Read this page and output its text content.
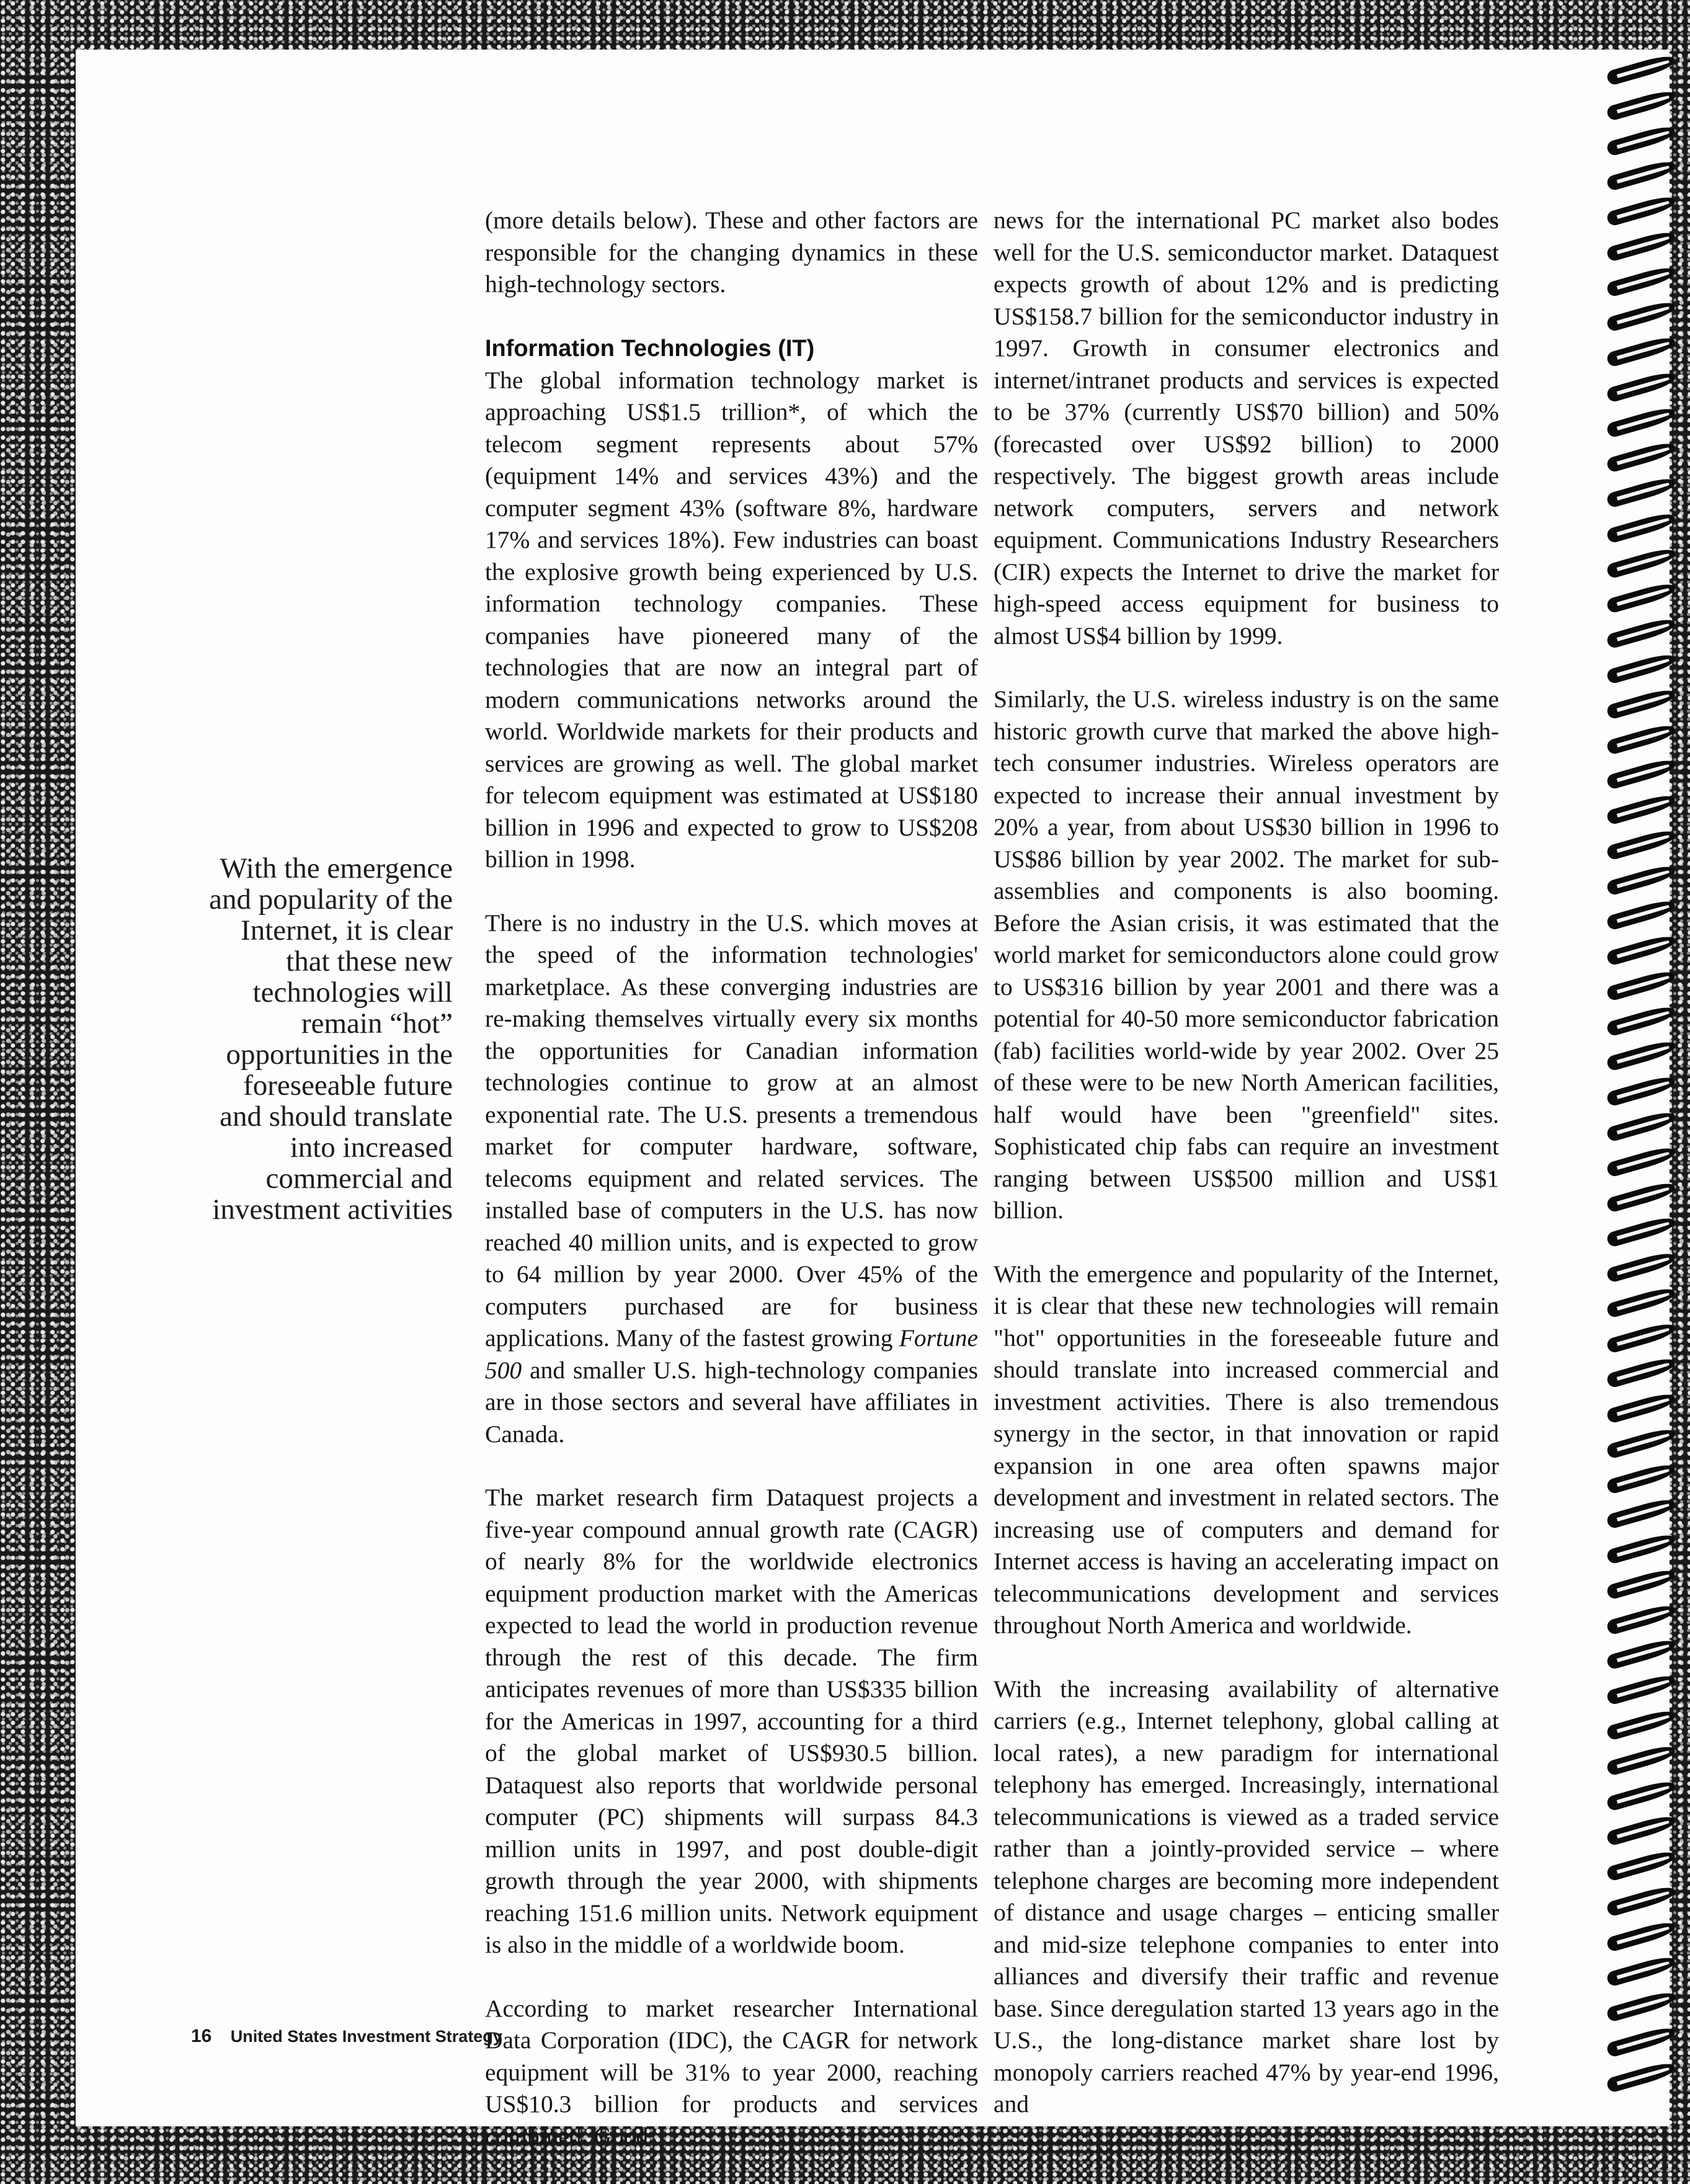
(more details below). These and other factors are responsible for the changing dynamics in these high-technology sectors.

Information Technologies (IT)

The global information technology market is approaching US$1.5 trillion*, of which the telecom segment represents about 57% (equipment 14% and services 43%) and the computer segment 43% (software 8%, hardware 17% and services 18%). Few industries can boast the explosive growth being experienced by U.S. information technology companies. These companies have pioneered many of the technologies that are now an integral part of modern communications networks around the world. Worldwide markets for their products and services are growing as well. The global market for telecom equipment was estimated at US$180 billion in 1996 and expected to grow to US$208 billion in 1998.

There is no industry in the U.S. which moves at the speed of the information technologies' marketplace. As these converging industries are re-making themselves virtually every six months the opportunities for Canadian information technologies continue to grow at an almost exponential rate. The U.S. presents a tremendous market for computer hardware, software, telecoms equipment and related services. The installed base of computers in the U.S. has now reached 40 million units, and is expected to grow to 64 million by year 2000. Over 45% of the computers purchased are for business applications. Many of the fastest growing Fortune 500 and smaller U.S. high-technology companies are in those sectors and several have affiliates in Canada.

The market research firm Dataquest projects a five-year compound annual growth rate (CAGR) of nearly 8% for the worldwide electronics equipment production market with the Americas expected to lead the world in production revenue through the rest of this decade. The firm anticipates revenues of more than US$335 billion for the Americas in 1997, accounting for a third of the global market of US$930.5 billion. Dataquest also reports that worldwide personal computer (PC) shipments will surpass 84.3 million units in 1997, and post double-digit growth through the year 2000, with shipments reaching 151.6 million units. Network equipment is also in the middle of a worldwide boom.

According to market researcher International Data Corporation (IDC), the CAGR for network equipment will be 31% to year 2000, reaching US$10.3 billion for products and services combined. Good

news for the international PC market also bodes well for the U.S. semiconductor market. Dataquest expects growth of about 12% and is predicting US$158.7 billion for the semiconductor industry in 1997. Growth in consumer electronics and internet/intranet products and services is expected to be 37% (currently US$70 billion) and 50% (forecasted over US$92 billion) to 2000 respectively. The biggest growth areas include network computers, servers and network equipment. Communications Industry Researchers (CIR) expects the Internet to drive the market for high-speed access equipment for business to almost US$4 billion by 1999.

Similarly, the U.S. wireless industry is on the same historic growth curve that marked the above high-tech consumer industries. Wireless operators are expected to increase their annual investment by 20% a year, from about US$30 billion in 1996 to US$86 billion by year 2002. The market for sub-assemblies and components is also booming. Before the Asian crisis, it was estimated that the world market for semiconductors alone could grow to US$316 billion by year 2001 and there was a potential for 40-50 more semiconductor fabrication (fab) facilities world-wide by year 2002. Over 25 of these were to be new North American facilities, half would have been "greenfield" sites. Sophisticated chip fabs can require an investment ranging between US$500 million and US$1 billion.

With the emergence and popularity of the Internet, it is clear that these new technologies will remain "hot" opportunities in the foreseeable future and should translate into increased commercial and investment activities. There is also tremendous synergy in the sector, in that innovation or rapid expansion in one area often spawns major development and investment in related sectors. The increasing use of computers and demand for Internet access is having an accelerating impact on telecommunications development and services throughout North America and worldwide.

With the increasing availability of alternative carriers (e.g., Internet telephony, global calling at local rates), a new paradigm for international telephony has emerged. Increasingly, international telecommunications is viewed as a traded service rather than a jointly-provided service – where telephone charges are becoming more independent of distance and usage charges – enticing smaller and mid-size telephone companies to enter into alliances and diversify their traffic and revenue base. Since deregulation started 13 years ago in the U.S., the long-distance market share lost by monopoly carriers reached 47% by year-end 1996, and

With the emergence and popularity of the Internet, it is clear that these new technologies will remain “hot” opportunities in the foreseeable future and should translate into increased commercial and investment activities

16 United States Investment Strategy
